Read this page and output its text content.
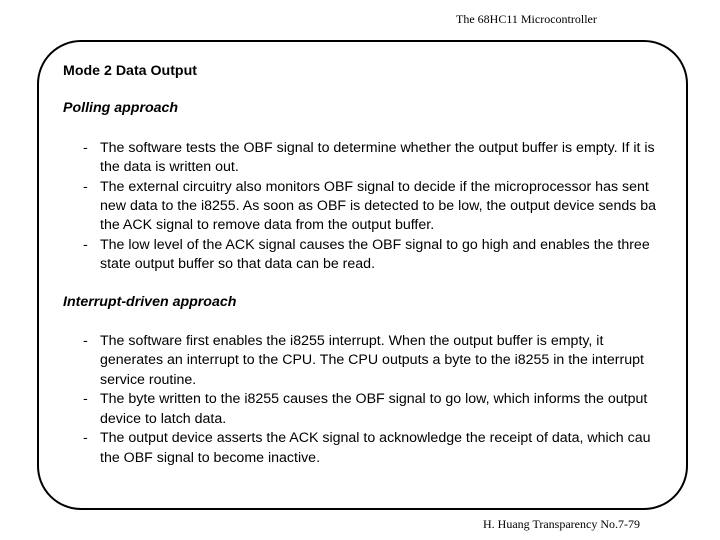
The 68HC11 Microcontroller

Mode 2 Data Output

Polling approach

- The software tests the OBF signal to determine whether the output buffer is empty. If it is
the data is written out.
- The external circuitry also monitors OBF signal to decide if the microprocessor has sent
new data to the i8255. As soon as OBF is detected to be low, the output device sends ba
the ACK signal to remove data from the output buffer.
- The low level of the ACK signal causes the OBF signal to go high and enables the three
state output buffer so that data can be read.

Interrupt-driven approach

- The software first enables the i8255 interrupt. When the output buffer is empty, it
generates an interrupt to the CPU. The CPU outputs a byte to the i8255 in the interrupt
service routine.
- The byte written to the i8255 causes the OBF signal to go low, which informs the output
device to latch data.
- The output device asserts the ACK signal to acknowledge the receipt of data, which cau
the OBF signal to become inactive.
H. Huang Transparency No.7-79
